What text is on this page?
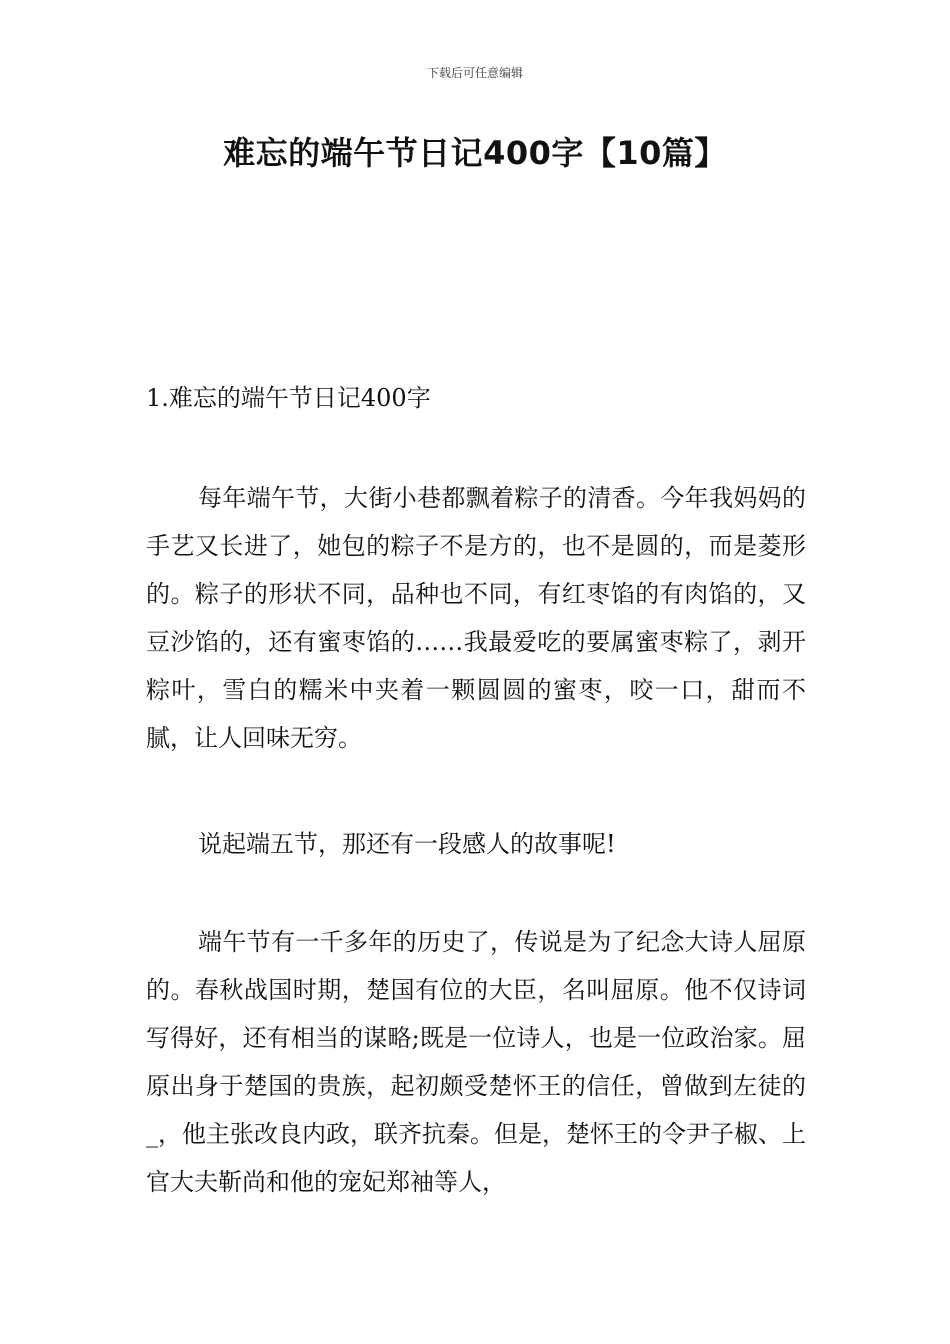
下载后可任意编辑
难忘的端午节日记400字【10篇】
1.难忘的端午节日记400字

每年端午节，大街小巷都飘着粽子的清香。今年我妈妈的手艺又长进了，她包的粽子不是方的，也不是圆的，而是菱形的。粽子的形状不同，品种也不同，有红枣馅的有肉馅的，又豆沙馅的，还有蜜枣馅的……我最爱吃的要属蜜枣粽了，剥开粽叶，雪白的糯米中夹着一颗圆圆的蜜枣，咬一口，甜而不腻，让人回味无穷。

说起端五节，那还有一段感人的故事呢!

端午节有一千多年的历史了，传说是为了纪念大诗人屈原的。春秋战国时期，楚国有位的大臣，名叫屈原。他不仅诗词写得好，还有相当的谋略;既是一位诗人，也是一位政治家。屈原出身于楚国的贵族，起初颇受楚怀王的信任，曾做到左徒的_，他主张改良内政，联齐抗秦。但是，楚怀王的令尹子椒、上官大夫靳尚和他的宠妃郑袖等人，
